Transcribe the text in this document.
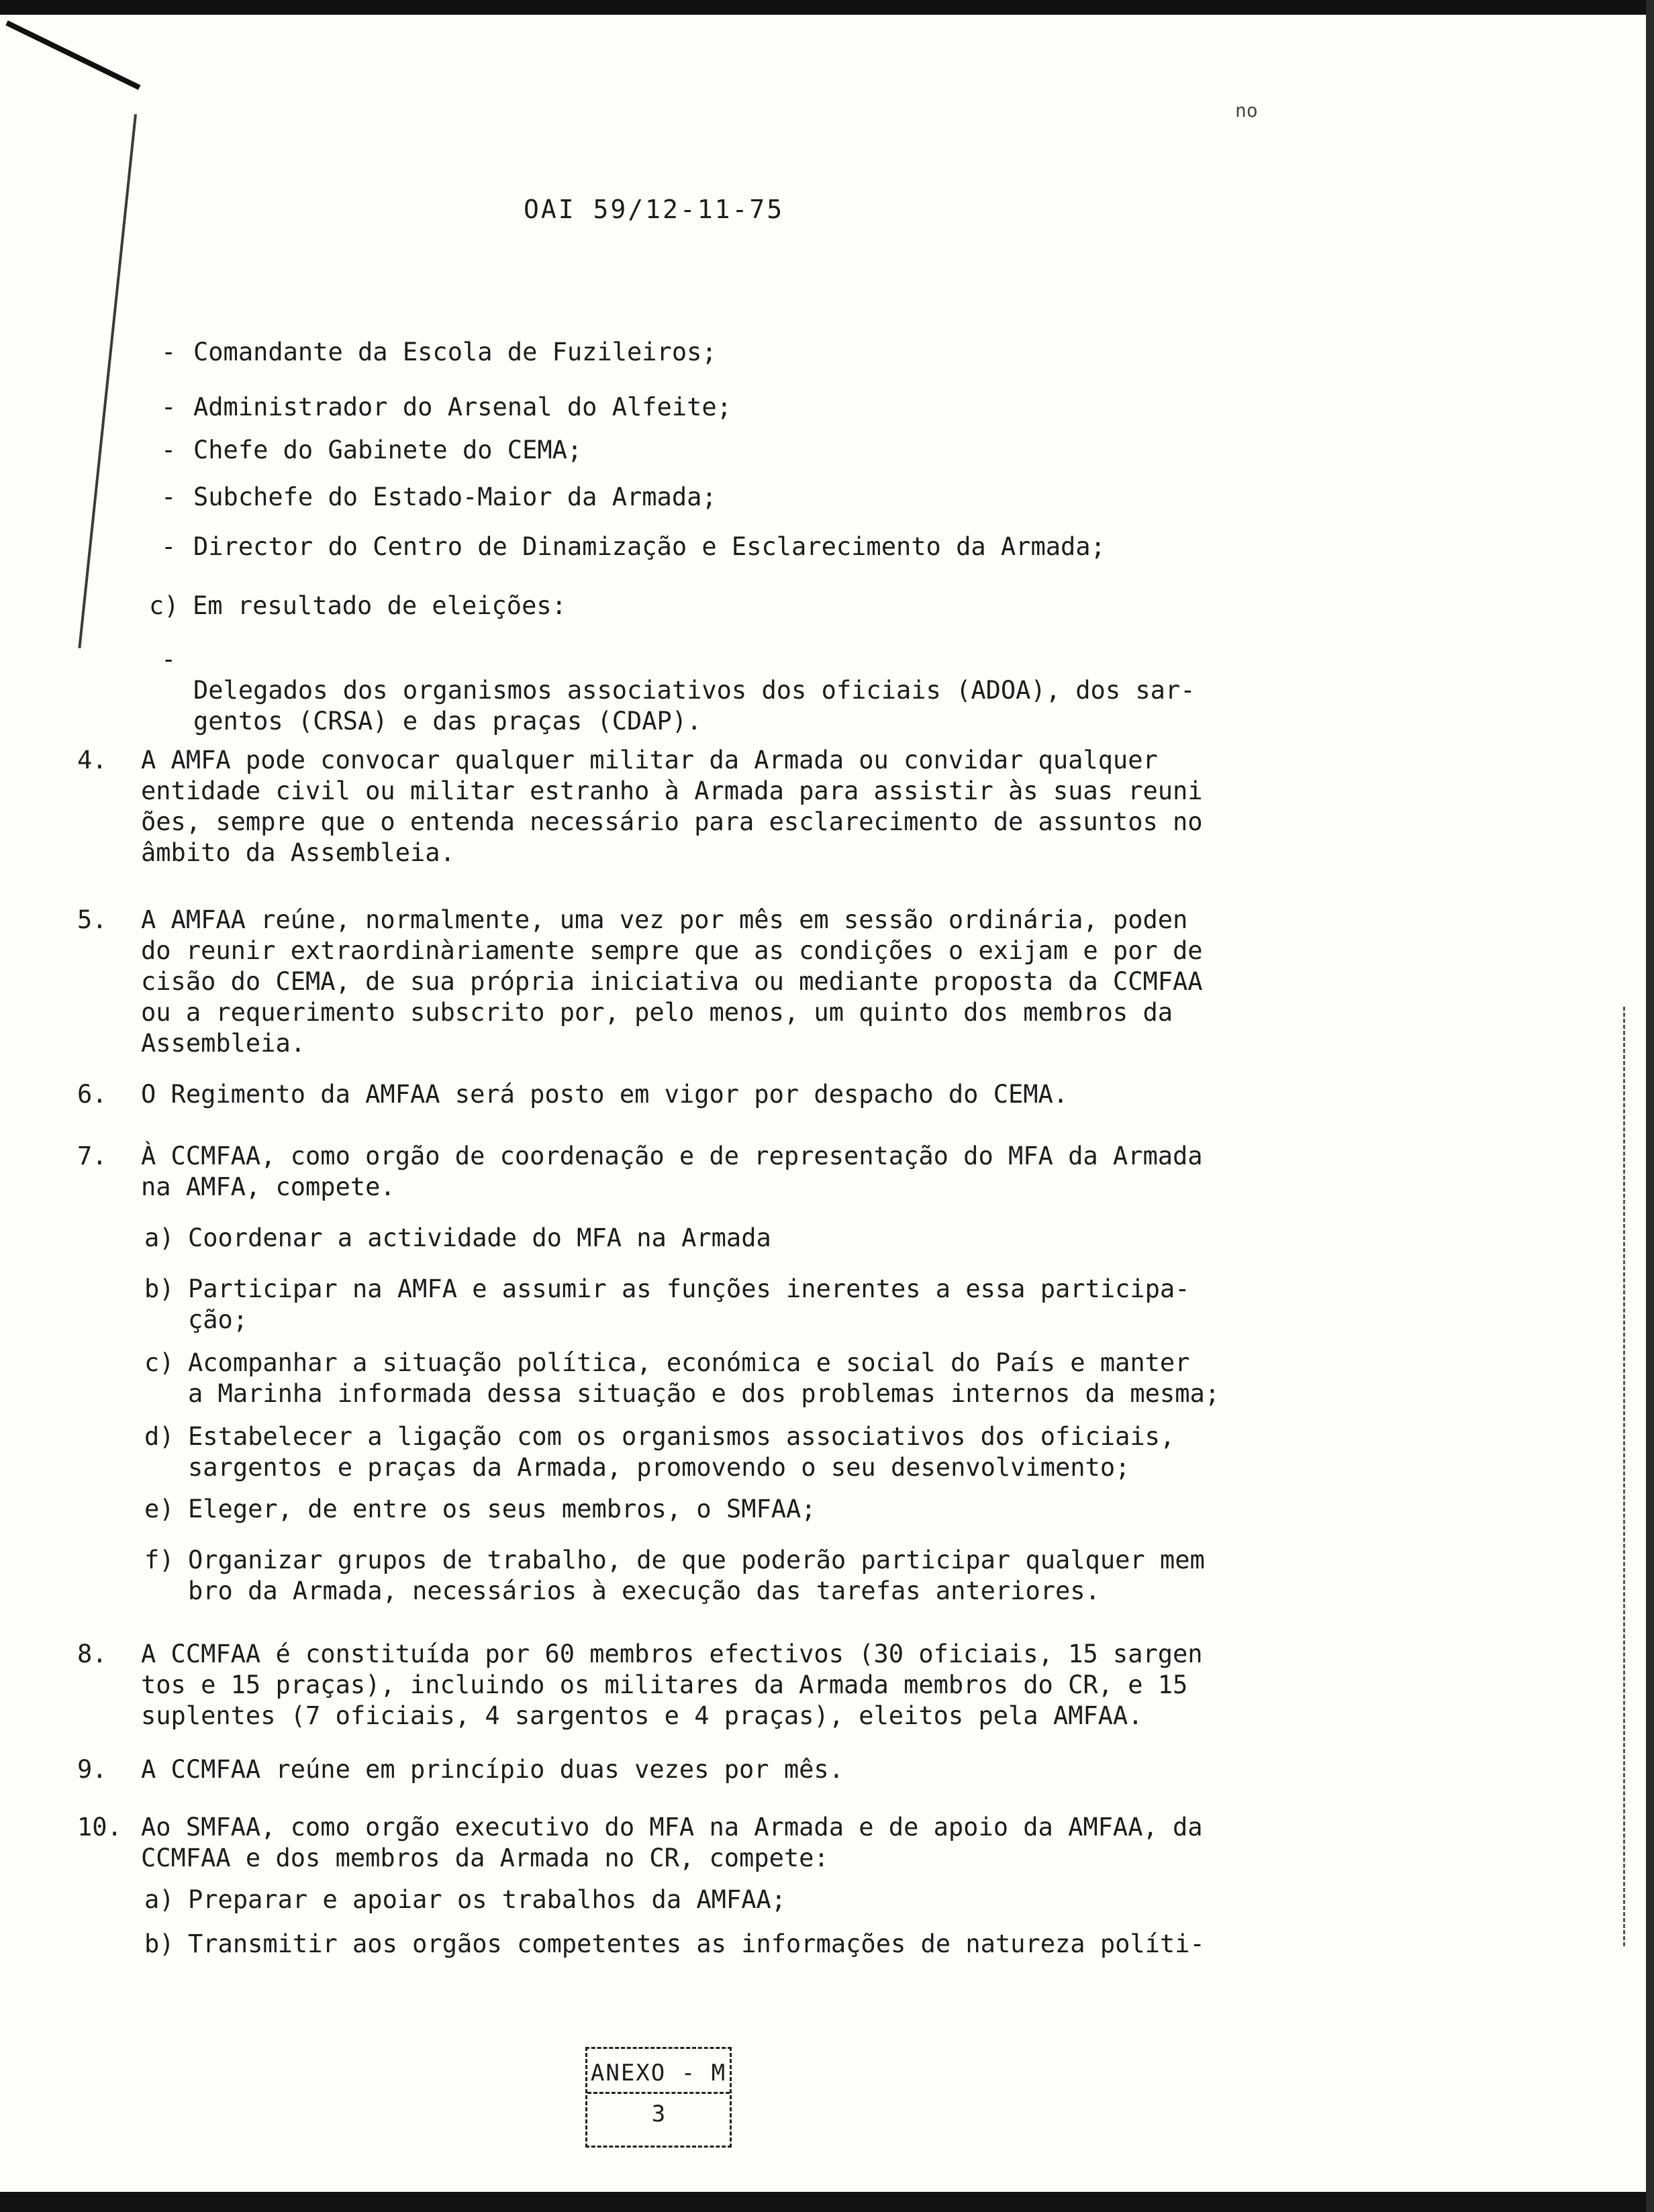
no
OAI 59/12-11-75
- Comandante da Escola de Fuzileiros;
- Administrador do Arsenal do Alfeite;
- Chefe do Gabinete do CEMA;
- Subchefe do Estado-Maior da Armada;
- Director do Centro de Dinamização e Esclarecimento da Armada;
c) Em resultado de eleições:

-
Delegados dos organismos associativos dos oficiais (ADOA), dos sar-
gentos (CRSA) e das praças (CDAP).

4.	A AMFA pode convocar qualquer militar da Armada ou convidar qualquer
entidade civil ou militar estranho à Armada para assistir às suas reuni
ões, sempre que o entenda necessário para esclarecimento de assuntos no
âmbito da Assembleia.
5.	A AMFAA reúne, normalmente, uma vez por mês em sessão ordinária, poden
do reunir extraordinàriamente sempre que as condições o exijam e por de
cisão do CEMA, de sua própria iniciativa ou mediante proposta da CCMFAA
ou a requerimento subscrito por, pelo menos, um quinto dos membros da
Assembleia.
6.	O Regimento da AMFAA será posto em vigor por despacho do CEMA.
7.	À CCMFAA, como orgão de coordenação e de representação do MFA da Armada
na AMFA, compete.
a) Coordenar a actividade do MFA na Armada
b) Participar na AMFA e assumir as funções inerentes a essa participa-
ção;
c) Acompanhar a situação política, económica e social do País e manter
a Marinha informada dessa situação e dos problemas internos da mesma;
d) Estabelecer a ligação com os organismos associativos dos oficiais,
sargentos e praças da Armada, promovendo o seu desenvolvimento;
e) Eleger, de entre os seus membros, o SMFAA;
f) Organizar grupos de trabalho, de que poderão participar qualquer mem
bro da Armada, necessários à execução das tarefas anteriores.
8.	A CCMFAA é constituída por 60 membros efectivos (30 oficiais, 15 sargen
tos e 15 praças), incluindo os militares da Armada membros do CR, e 15
suplentes (7 oficiais, 4 sargentos e 4 praças), eleitos pela AMFAA.
9.	A CCMFAA reúne em princípio duas vezes por mês.
10. Ao SMFAA, como orgão executivo do MFA na Armada e de apoio da AMFAA, da
CCMFAA e dos membros da Armada no CR, compete:
a) Preparar e apoiar os trabalhos da AMFAA;
b) Transmitir aos orgãos competentes as informações de natureza políti-
ANEXO - M
3
